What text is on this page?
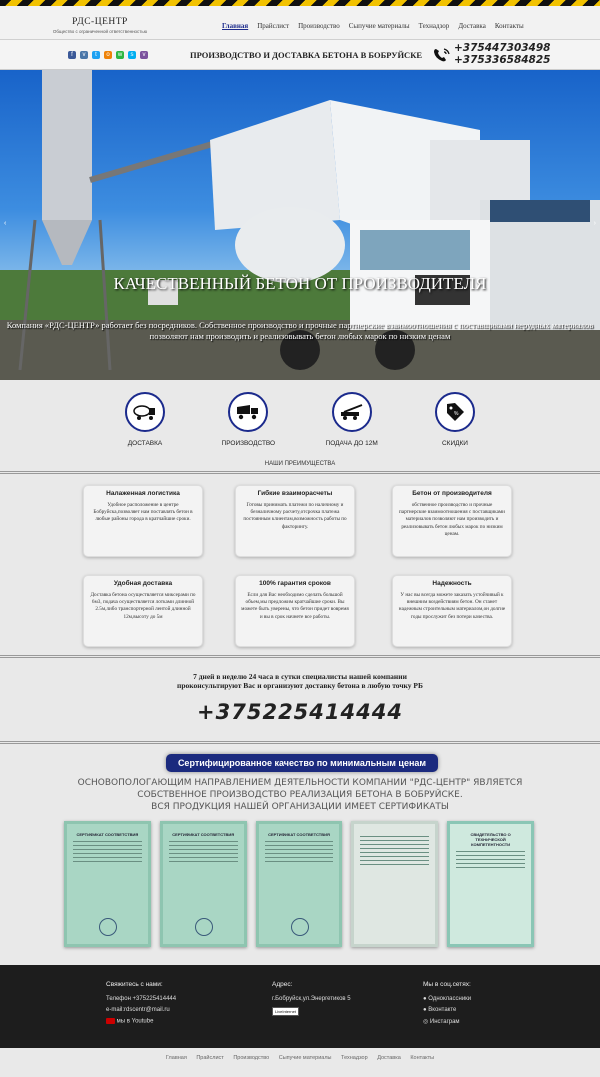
РДС-ЦЕНТР
Общество с ограниченной ответственностью
Главная Прайслист Производство Сыпучие материалы Технадзор Доставка Контакты
f	v	t	o	w	s	v	ПРОИЗВОДСТВО И ДОСТАВКА БЕТОНА В БОБРУЙСКЕ
+375447303498
+375336584825
‹	›
КАЧЕСТВЕННЫЙ БЕТОН ОТ ПРОИЗВОДИТЕЛЯ
Компания «РДС-ЦЕНТР» работает без посредников. Собственное производство и прочные партнерские взаимоотношения с поставщиками нерудных материалов позволяют нам производить и реализовывать бетон любых марок по низким ценам
ДОСТАВКА	ПРОИЗВОДСТВО	ПОДАЧА ДО 12М
%
СКИДКИ
НАШИ ПРЕИМУЩЕСТВА
Налаженная логистика
Удобное расположение в центре Бобруйска,позволяет нам поставлять бетон в любые районы города в кратчайшие сроки.
Гибкие взаиморасчеты
Готовы принимать платежи по наличному и безналичному расчету,отсрочка платежа постоянным клиентам,возможность работы по факторингу.
Бетон от производителя
обственное производство и прочные партнерские взаимоотношения с поставщиками материалов позволяют нам производить и реализовывать бетон любых марок по низким ценам.
Удобная доставка
Доставка бетона осуществляется миксерами по 6м3, подача осуществляется лотками длинной 2.5м,либо транспортерной лентой длинной 12м,высоту до 5м
100% гарантия сроков
Если для Вас необходимо сделать большой объем,мы предложим кратчайшие сроки. Вы можете быть уверены, что бетон придет вовремя и вы в срок начнете все работы.
Надежность
У нас вы всегда можете заказать устойчивый к внешним воздействиям бетон. Он станет надежным строительным материалом,он долгие годы прослужит без потери качества.
7 дней в неделю 24 часа в сутки специалисты нашей компании
проконсультируют Вас и организуют доставку бетона в любую точку РБ
+375225414444
Сертифицированное качество по минимальным ценам
ОСНОВОПОЛОГАЮЩИМ НАПРАВЛЕНИЕМ ДЕЯТЕЛЬНОСТИ КОМПАНИИ "РДС-ЦЕНТР" ЯВЛЯЕТСЯ
СОБСТВЕННОЕ ПРОИЗВОДСТВО РЕАЛИЗАЦИЯ БЕТОНА В БОБРУЙСКЕ.
ВСЯ ПРОДУКЦИЯ НАШЕЙ ОРГАНИЗАЦИИ ИМЕЕТ СЕРТИФИКАТЫ
СЕРТИФИКАТ СООТВЕТСТВИЯ	СЕРТИФИКАТ СООТВЕТСТВИЯ	СЕРТИФИКАТ СООТВЕТСТВИЯ	СВИДЕТЕЛЬСТВО О ТЕХНИЧЕСКОЙ КОМПЕТЕНТНОСТИ
Свяжитесь с нами:
Телефон +375225414444
e-mail:rdscentr@mail.ru
мы в Youtube
Адрес:
г.Бобруйск,ул.Энергетиков 5
LiveInternet
Мы в соц.сетях:
● Одноклассники
● Вконтакте
◎ Инстаграм
Главная Прайслист Производство Сыпучие материалы Технадзор Доставка Контакты
